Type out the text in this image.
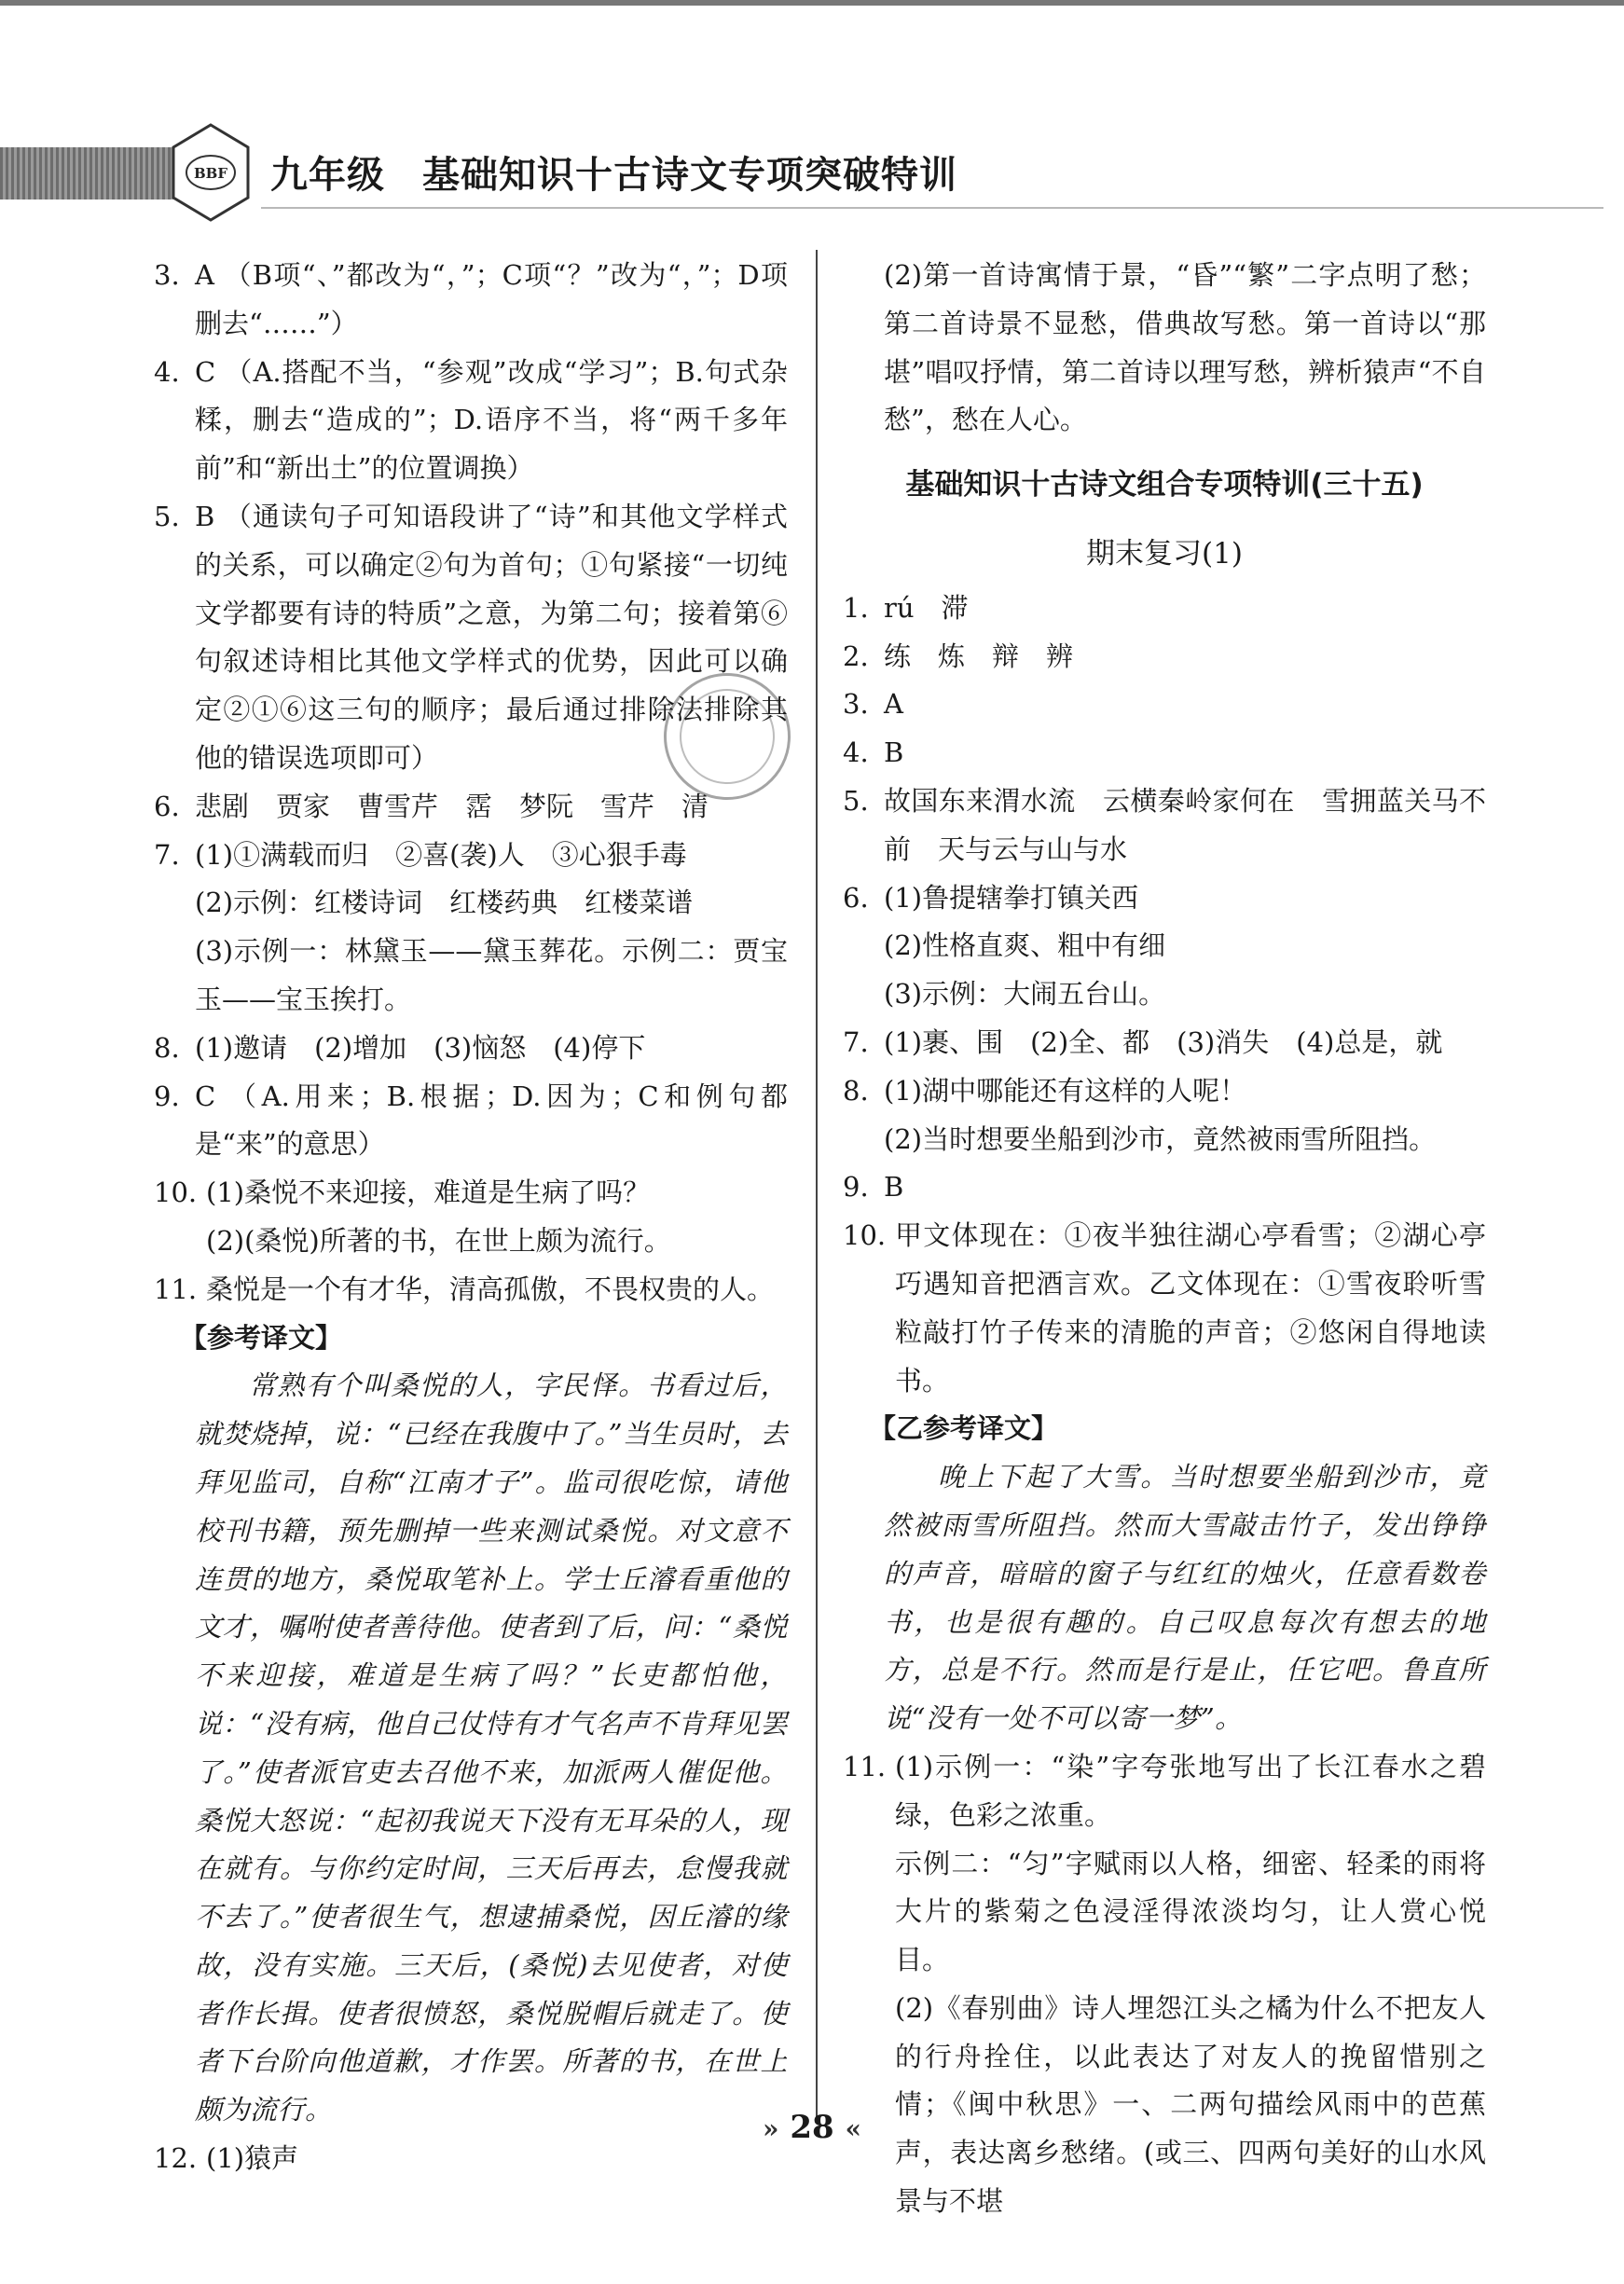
BBF 九年级 基础知识十古诗文专项突破特训
3. A （B项“、”都改为“，”；C项“？”改为“，”；D项删去“……”）
4. C （A.搭配不当，“参观”改成“学习”；B.句式杂糅，删去“造成的”；D.语序不当，将“两千多年前”和“新出土”的位置调换）
5. B （通读句子可知语段讲了“诗”和其他文学样式的关系，可以确定②句为首句；①句紧接“一切纯文学都要有诗的特质”之意，为第二句；接着第⑥句叙述诗相比其他文学样式的优势，因此可以确定②①⑥这三句的顺序；最后通过排除法排除其他的错误选项即可）
6. 悲剧　贾家　曹雪芹　霑　梦阮　雪芹　清
7. (1)①满载而归　②喜(袭)人　③心狠手毒
(2)示例：红楼诗词　红楼药典　红楼菜谱
(3)示例一：林黛玉——黛玉葬花。示例二：贾宝玉——宝玉挨打。
8. (1)邀请　(2)增加　(3)恼怒　(4)停下
9. C （A.用来；B.根据；D.因为；C和例句都是“来”的意思）
10. (1)桑悦不来迎接，难道是生病了吗？
(2)(桑悦)所著的书，在世上颇为流行。
11. 桑悦是一个有才华，清高孤傲，不畏权贵的人。
【参考译文】
常熟有个叫桑悦的人，字民怿。书看过后，就焚烧掉，说：“已经在我腹中了。”当生员时，去拜见监司，自称“江南才子”。监司很吃惊，请他校刊书籍，预先删掉一些来测试桑悦。对文意不连贯的地方，桑悦取笔补上。学士丘濬看重他的文才，嘱咐使者善待他。使者到了后，问：“桑悦不来迎接，难道是生病了吗？”长吏都怕他，说：“没有病，他自己仗恃有才气名声不肯拜见罢了。”使者派官吏去召他不来，加派两人催促他。桑悦大怒说：“起初我说天下没有无耳朵的人，现在就有。与你约定时间，三天后再去，怠慢我就不去了。”使者很生气，想逮捕桑悦，因丘濬的缘故，没有实施。三天后，(桑悦)去见使者，对使者作长揖。使者很愤怒，桑悦脱帽后就走了。使者下台阶向他道歉，才作罢。所著的书，在世上颇为流行。
12. (1)猿声
(2)第一首诗寓情于景，“昏”“繁”二字点明了愁；第二首诗景不显愁，借典故写愁。第一首诗以“那堪”唱叹抒情，第二首诗以理写愁，辨析猿声“不自愁”，愁在人心。
基础知识十古诗文组合专项特训(三十五)
期末复习(1)
1. rú　滞
2. 练　炼　辩　辨
3. A
4. B
5. 故国东来渭水流　云横秦岭家何在　雪拥蓝关马不前　天与云与山与水
6. (1)鲁提辖拳打镇关西
(2)性格直爽、粗中有细
(3)示例：大闹五台山。
7. (1)裹、围　(2)全、都　(3)消失　(4)总是，就
8. (1)湖中哪能还有这样的人呢！
(2)当时想要坐船到沙市，竟然被雨雪所阻挡。
9. B
10. 甲文体现在：①夜半独往湖心亭看雪；②湖心亭巧遇知音把酒言欢。乙文体现在：①雪夜聆听雪粒敲打竹子传来的清脆的声音；②悠闲自得地读书。
【乙参考译文】
晚上下起了大雪。当时想要坐船到沙市，竟然被雨雪所阻挡。然而大雪敲击竹子，发出铮铮的声音，暗暗的窗子与红红的烛火，任意看数卷书，也是很有趣的。自己叹息每次有想去的地方，总是不行。然而是行是止，任它吧。鲁直所说“没有一处不可以寄一梦”。
11. (1)示例一：“染”字夸张地写出了长江春水之碧绿，色彩之浓重。
示例二：“匀”字赋雨以人格，细密、轻柔的雨将大片的紫菊之色浸淫得浓淡均匀，让人赏心悦目。
(2)《春别曲》诗人埋怨江头之橘为什么不把友人的行舟拴住，以此表达了对友人的挽留惜别之情；《闽中秋思》一、二两句描绘风雨中的芭蕉声，表达离乡愁绪。(或三、四两句美好的山水风景与不堪
» 28 «
